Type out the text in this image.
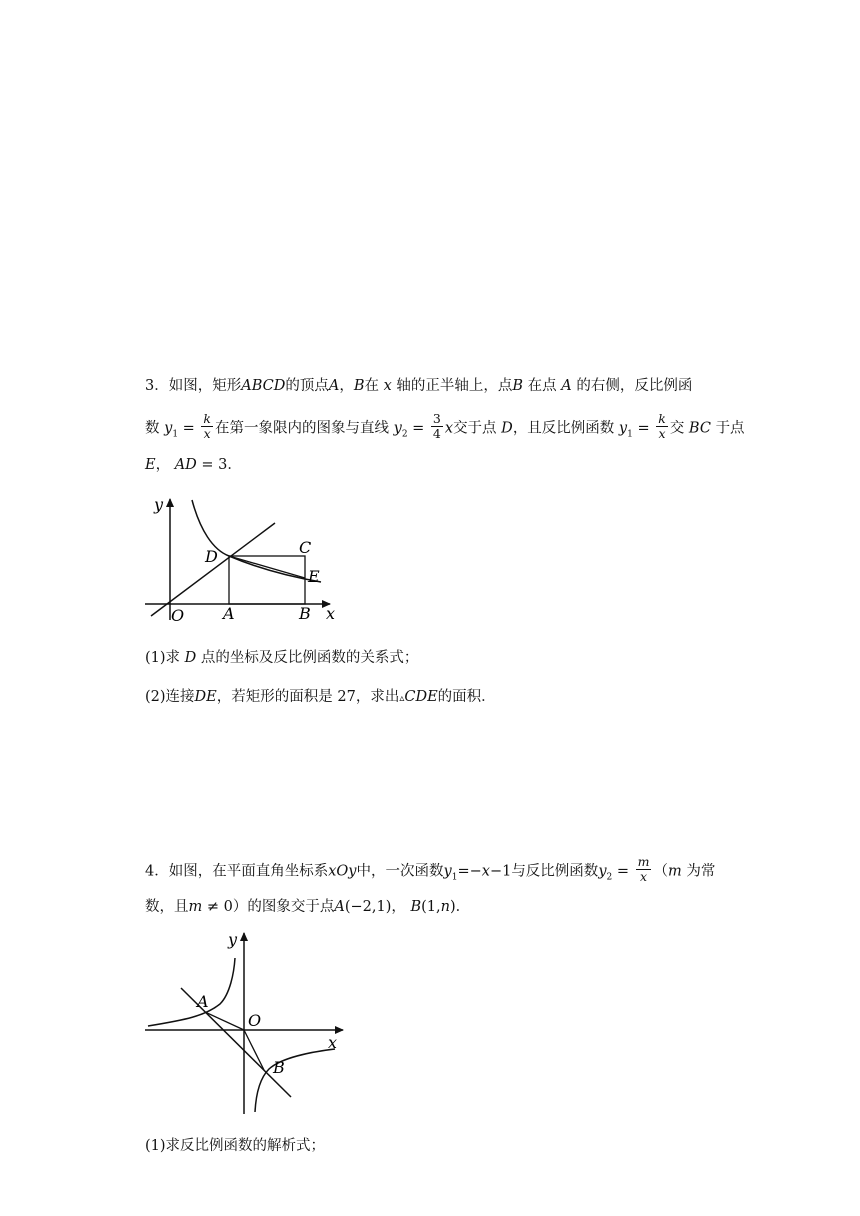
3．如图，矩形ABCD的顶点A，B在 x 轴的正半轴上，点B 在点 A 的右侧，反比例函
数 $y_1 = \frac{k}{x}$ 在第一象限内的图象与直线 $y_2 = \frac{3}{4}$ x交于点 D，且反比例函数 $y_1 = \frac{k}{x}$ 交 BC 于点
E， AD = 3．
y
x
O A	B
C
D
E
(1)求 D 点的坐标及反比例函数的关系式；
(2)连接DE，若矩形的面积是 27，求出▵CDE的面积．
4．如图，在平面直角坐标系xOy中，一次函数$y_1=-x-1$与反比例函数$y_2 = \frac{m}{x} (m$ 为常
数，且m ≠ 0）的图象交于点A(−2,1)， B(1,n)．
y
x
O
A
B
(1)求反比例函数的解析式；
